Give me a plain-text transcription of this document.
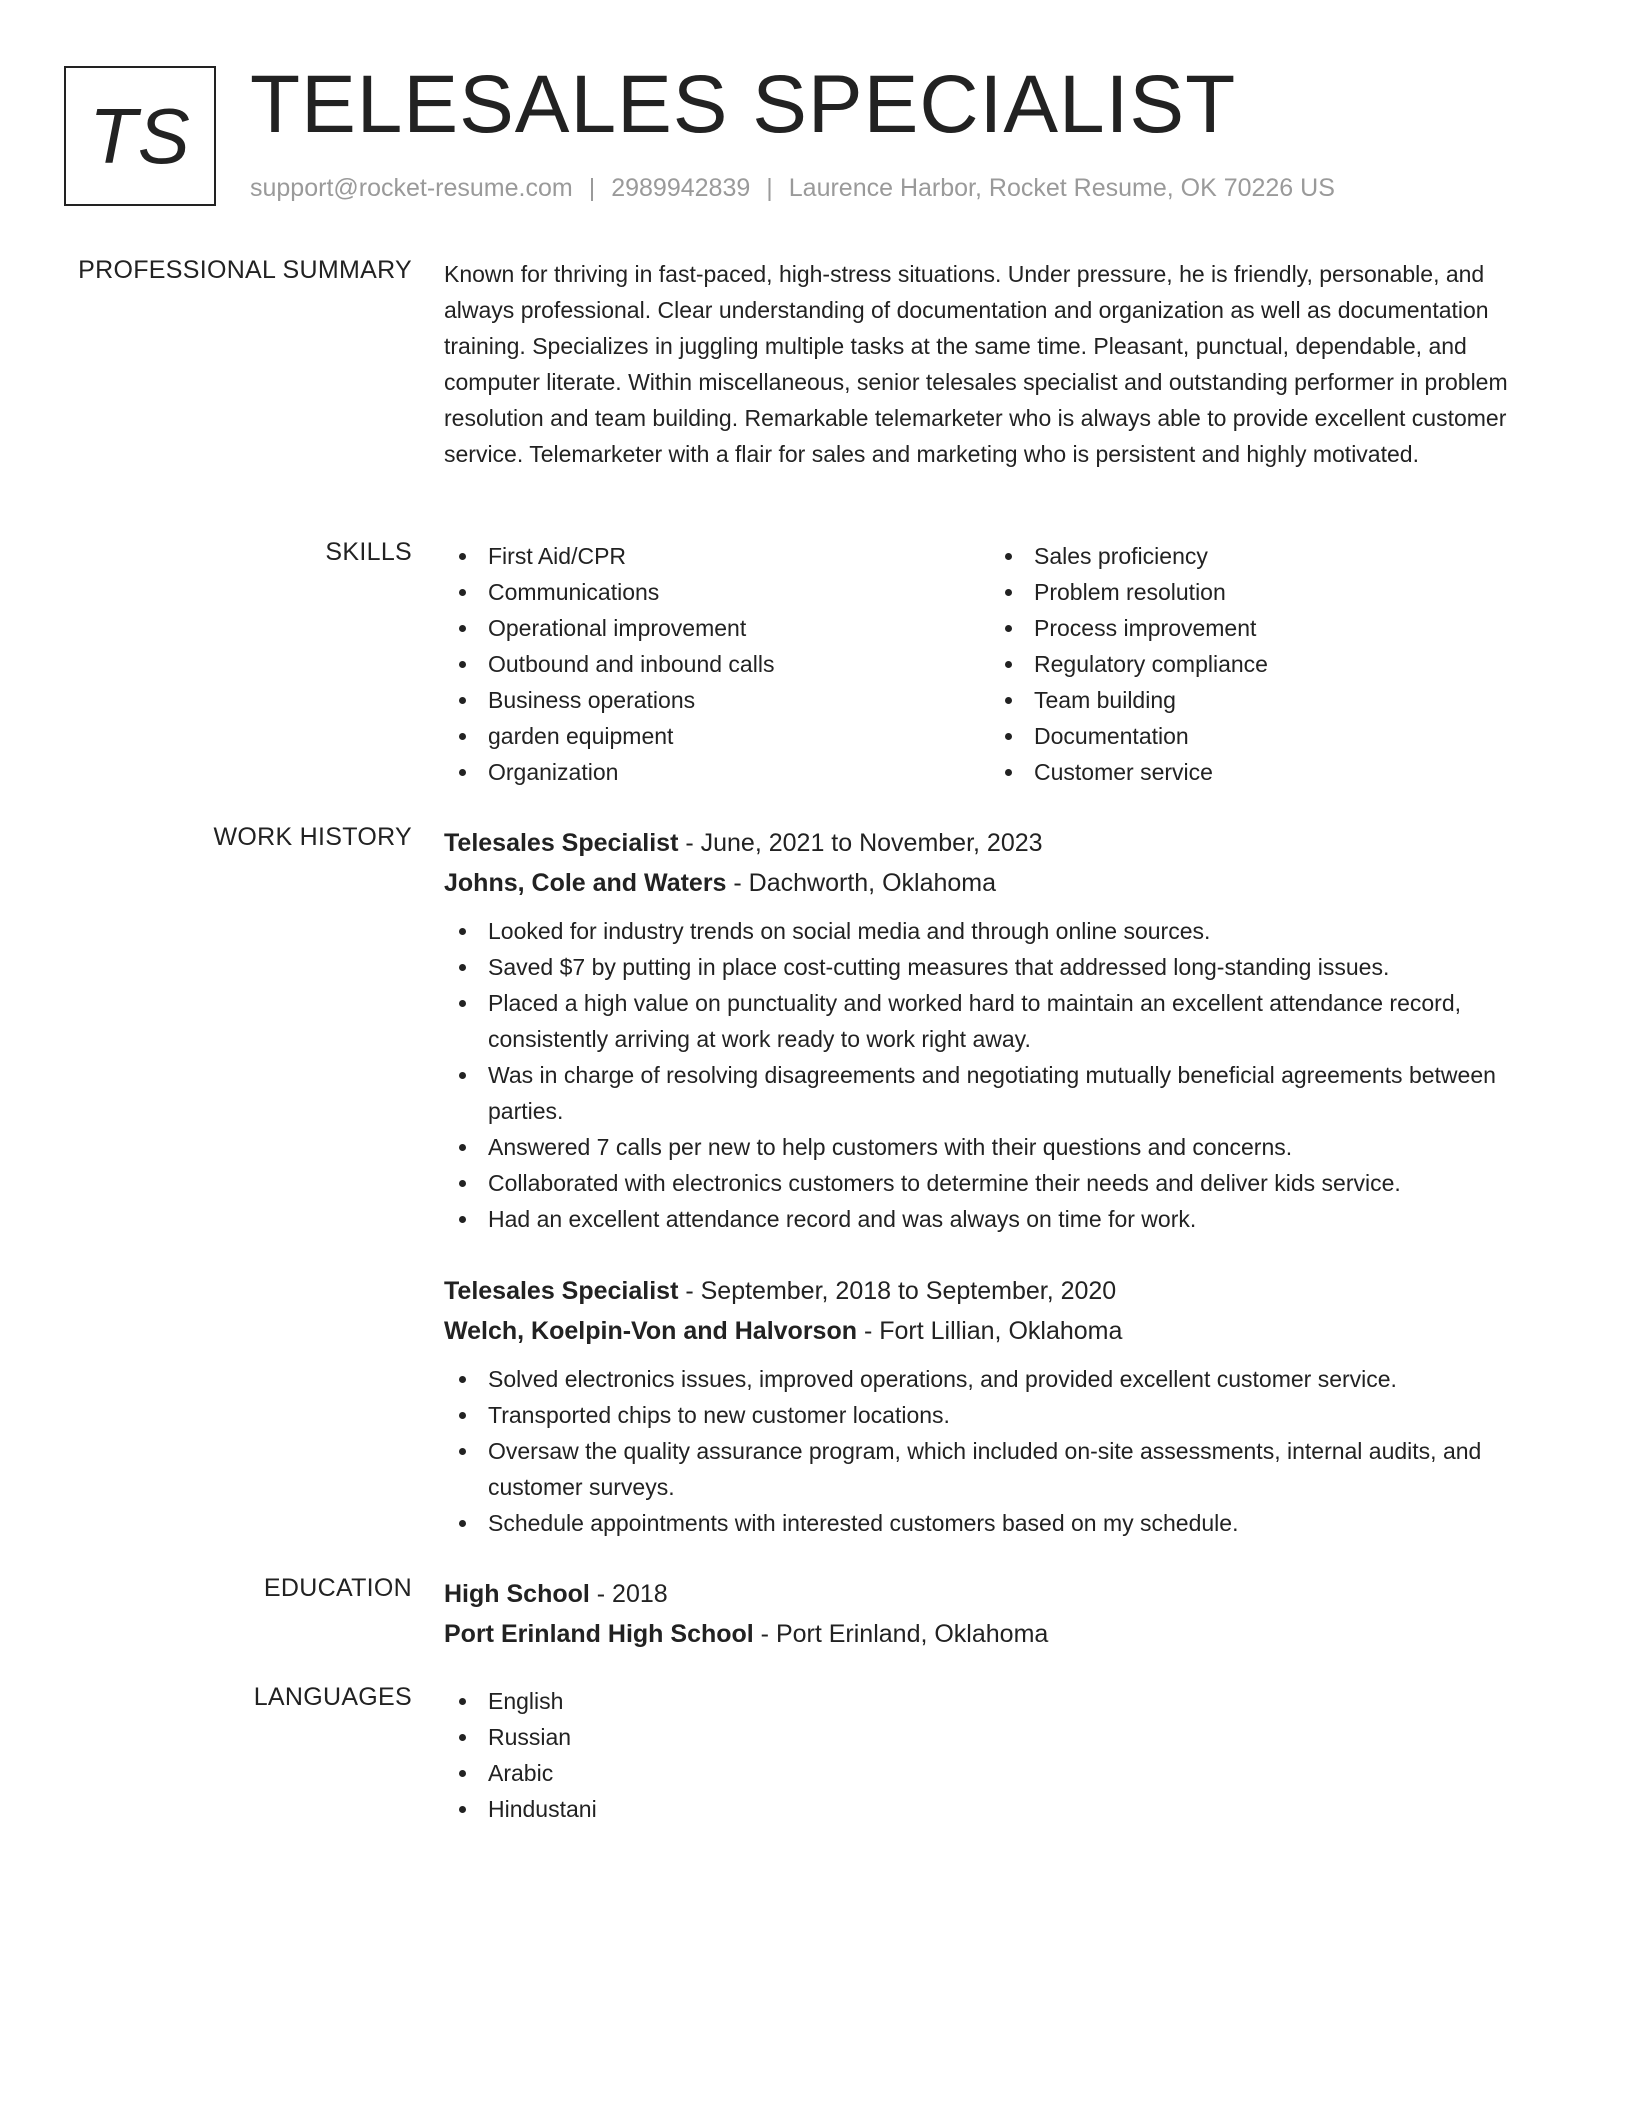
TS TELESALES SPECIALIST
support@rocket-resume.com | 2989942839 | Laurence Harbor, Rocket Resume, OK 70226 US
PROFESSIONAL SUMMARY Known for thriving in fast-paced, high-stress situations. Under pressure, he is friendly, personable, and always professional. Clear understanding of documentation and organization as well as documentation training. Specializes in juggling multiple tasks at the same time. Pleasant, punctual, dependable, and computer literate. Within miscellaneous, senior telesales specialist and outstanding performer in problem resolution and team building. Remarkable telemarketer who is always able to provide excellent customer service. Telemarketer with a flair for sales and marketing who is persistent and highly motivated.

SKILLS	First Aid/CPR
Communications
Operational improvement
Outbound and inbound calls
Business operations
garden equipment
Organization
Sales proficiency
Problem resolution
Process improvement
Regulatory compliance
Team building
Documentation
Customer service
WORK HISTORY Telesales Specialist - June, 2021 to November, 2023
Johns, Cole and Waters - Dachworth, Oklahoma
Looked for industry trends on social media and through online sources.
Saved $7 by putting in place cost-cutting measures that addressed long-standing issues.
Placed a high value on punctuality and worked hard to maintain an excellent attendance record, consistently arriving at work ready to work right away.
Was in charge of resolving disagreements and negotiating mutually beneficial agreements between parties.
Answered 7 calls per new to help customers with their questions and concerns.
Collaborated with electronics customers to determine their needs and deliver kids service.
Had an excellent attendance record and was always on time for work.
Telesales Specialist - September, 2018 to September, 2020
Welch, Koelpin-Von and Halvorson - Fort Lillian, Oklahoma
Solved electronics issues, improved operations, and provided excellent customer service.
Transported chips to new customer locations.
Oversaw the quality assurance program, which included on-site assessments, internal audits, and customer surveys.
Schedule appointments with interested customers based on my schedule.
EDUCATION High School - 2018
Port Erinland High School - Port Erinland, Oklahoma
LANGUAGES	English
Russian
Arabic
Hindustani
